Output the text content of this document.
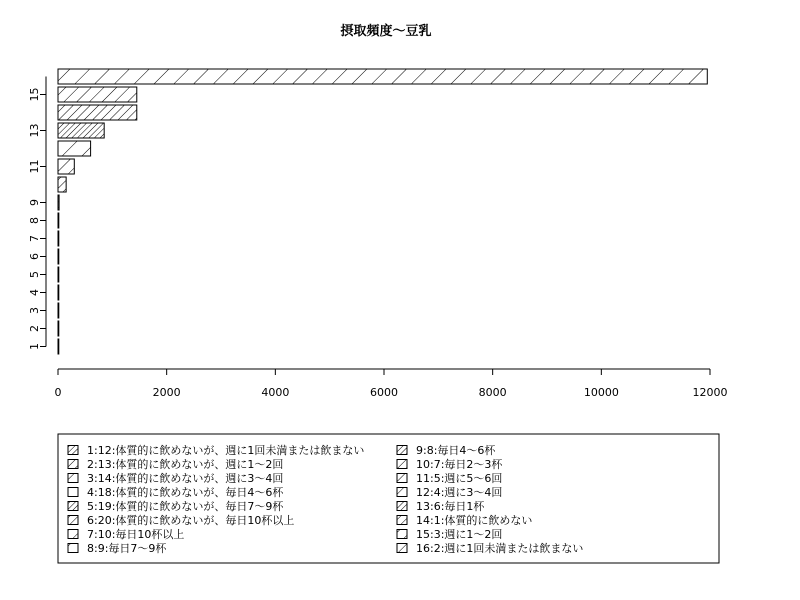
摂取頻度〜豆乳
1
2
3
4
5
6
7
8
9
11
13
15
0	2000	4000	6000	8000	10000	12000
1:12:体質的に飲めないが、週に1回未満または飲まない
2:13:体質的に飲めないが、週に1〜2回
3:14:体質的に飲めないが、週に3〜4回
4:18:体質的に飲めないが、毎日4〜6杯
5:19:体質的に飲めないが、毎日7〜9杯
6:20:体質的に飲めないが、毎日10杯以上
7:10:毎日10杯以上
8:9:毎日7〜9杯
9:8:毎日4〜6杯
10:7:毎日2〜3杯
11:5:週に5〜6回
12:4:週に3〜4回
13:6:毎日1杯
14:1:体質的に飲めない
15:3:週に1〜2回
16:2:週に1回未満または飲まない
